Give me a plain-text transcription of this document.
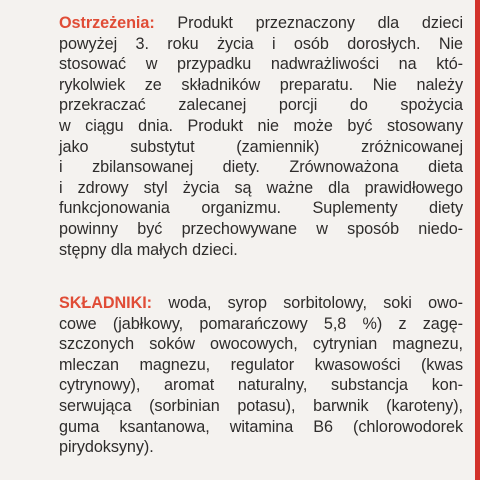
Ostrzeżenia: Produkt przeznaczony dla dzieci
powyżej 3. roku życia i osób dorosłych. Nie
stosować w przypadku nadwrażliwości na któ-
rykolwiek ze składników preparatu. Nie należy
przekraczać zalecanej porcji do spożycia
w ciągu dnia. Produkt nie może być stosowany
jako substytut (zamiennik) zróżnicowanej
i zbilansowanej diety. Zrównoważona dieta
i zdrowy styl życia są ważne dla prawidłowego
funkcjonowania organizmu. Suplementy diety
powinny być przechowywane w sposób niedo-
stępny dla małych dzieci.
SKŁADNIKI: woda, syrop sorbitolowy, soki owo-
cowe (jabłkowy, pomarańczowy 5,8 %) z zagę-
szczonych soków owocowych, cytrynian magnezu,
mleczan magnezu, regulator kwasowości (kwas
cytrynowy), aromat naturalny, substancja kon-
serwująca (sorbinian potasu), barwnik (karoteny),
guma ksantanowa, witamina B6 (chlorowodorek
pirydoksyny).
